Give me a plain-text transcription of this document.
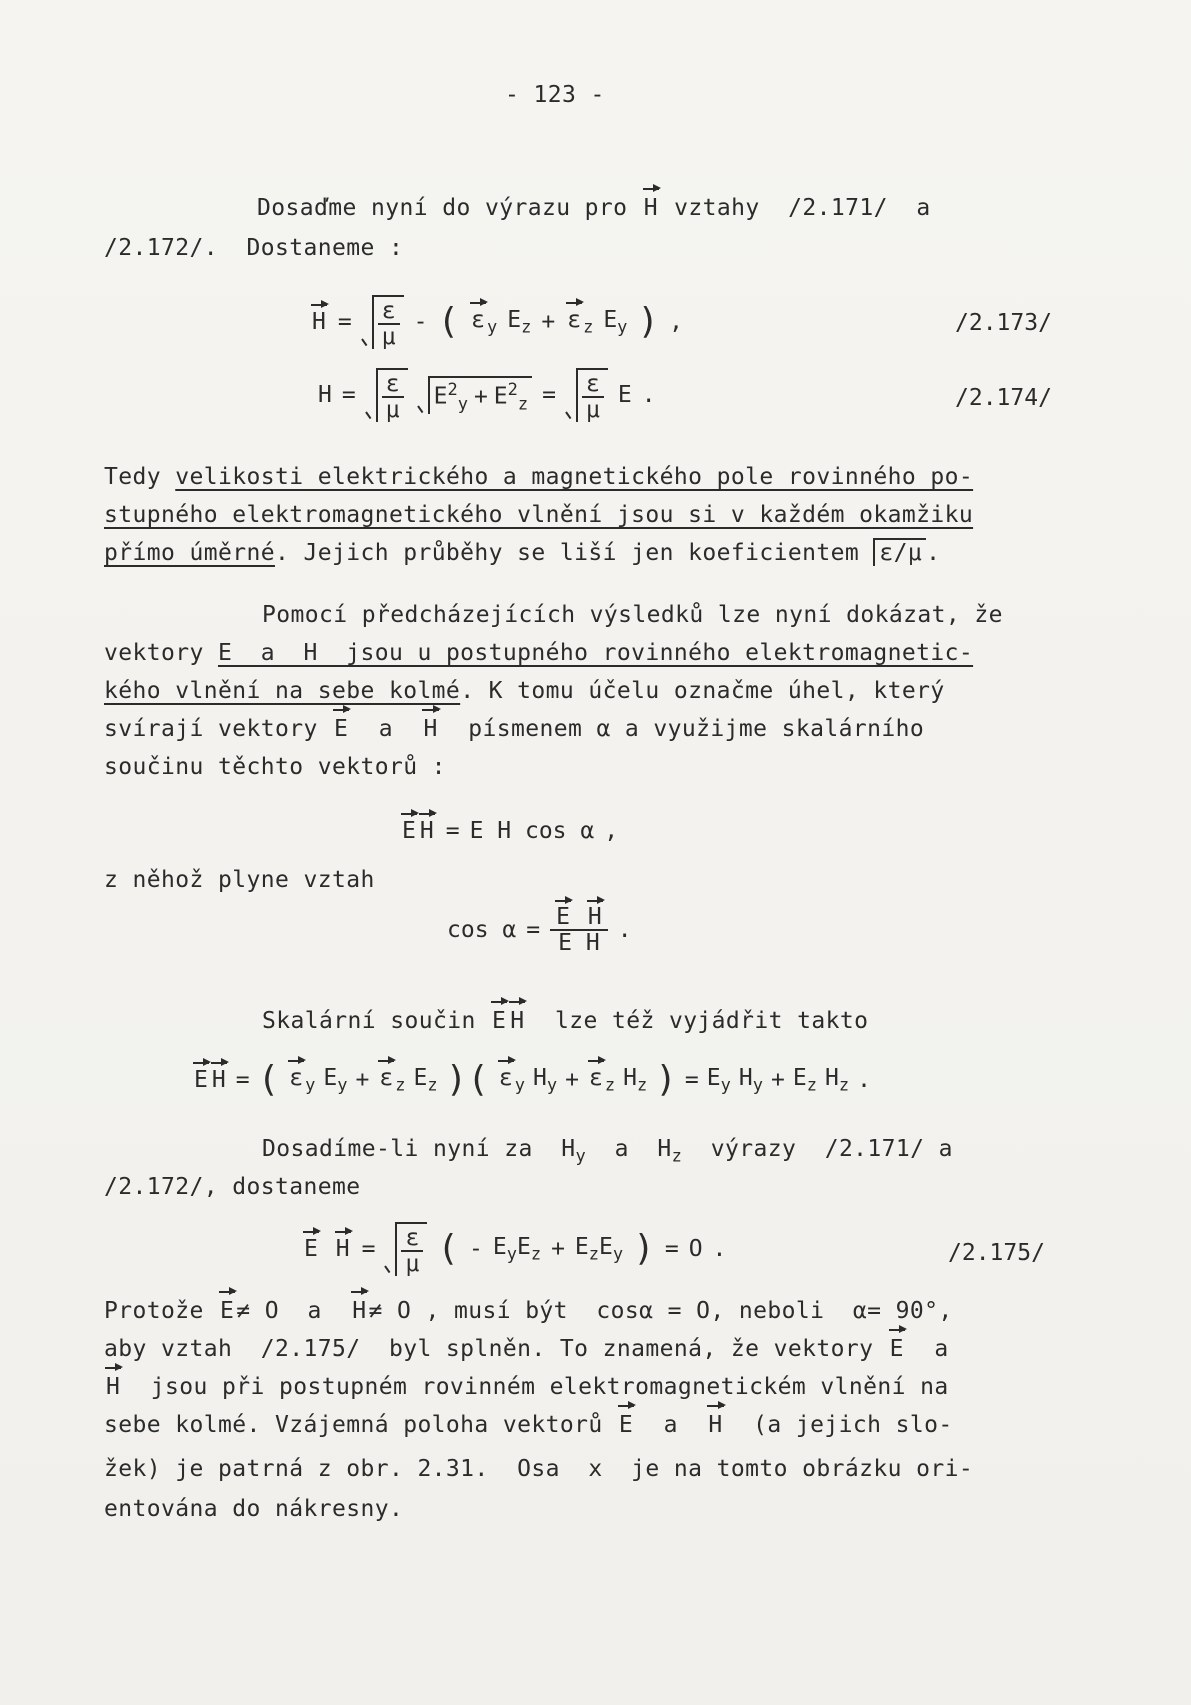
- 123 -
Dosaďme nyní do výrazu pro H vztahy  /2.171/  a
/2.172/.  Dostaneme :
$H = \frac{\varepsilon}{\mu}$ - ( ε $_y$ $E_z + \varepsilon$ $_z$ $E_y$ ) ,	/2.173/
$H = \frac{\varepsilon}{\mu} E^2_y + E^2_z = \frac{\varepsilon}{\mu}$ E .	/2.174/
Tedy velikosti elektrického a magnetického pole rovinného po-
stupného elektromagnetického vlnění jsou si v každém okamžiku
přímo úměrné. Jejich průběhy se liší jen koeficientem ε/μ .
Pomocí předcházejících výsledků lze nyní dokázat, že
vektory E  a  H  jsou u postupného rovinného elektromagnetic-
kého vlnění na sebe kolmé. K tomu účelu označme úhel, který
svírají vektory E  a  H  písmenem α a využijme skalárního
součinu těchto vektorů :
E H = E H cos α ,
z něhož plyne vztah
$\cos \alpha = \frac{\text{E H}}{\text{E H}}$ .
Skalární součin E H  lze též vyjádřit takto
E H = ( ε $_y$ $E_y + \varepsilon$ $_z$ $E_z$ )( ε $_y$ $H_y + \varepsilon$ $_z$ $H_z$ ) = $E_y$ $H_y + E_z$ $H_z$ .
Dosadíme-li nyní za  $H_y$  a  $H_z$  výrazy  /2.171/ a
/2.172/, dostaneme
E $H = \frac{\varepsilon}{\mu}$ ( - $E_yE_z + E_zE_y$ ) = O .	/2.175/
Protože E≠ O  a  H≠ O , musí být  cosα = O, neboli  α= 90°,
aby vztah  /2.175/  byl splněn. To znamená, že vektory E  a
H  jsou při postupném rovinném elektromagnetickém vlnění na
sebe kolmé. Vzájemná poloha vektorů E  a  H  (a jejich slo-
žek) je patrná z obr. 2.31.  Osa  x  je na tomto obrázku ori-
entována do nákresny.
